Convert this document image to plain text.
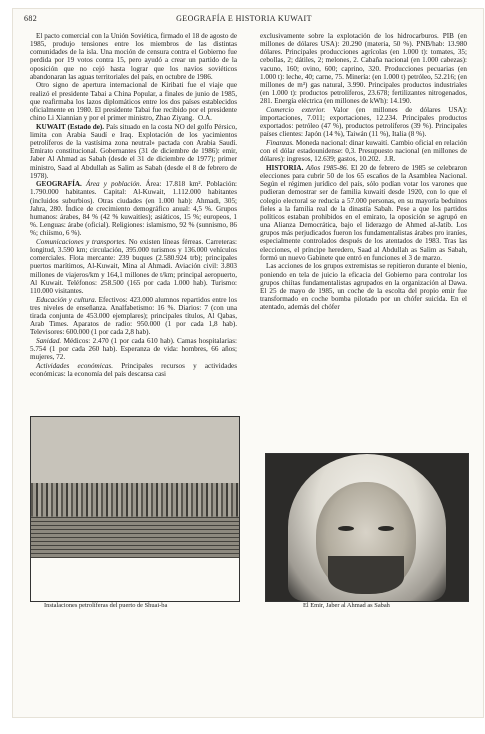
682	GEOGRAFÍA E HISTORIA KUWAIT

El pacto comercial con la Unión Soviética, firmado el 18 de agosto de 1985, produjo tensiones entre los miembros de las distintas comunidades de la isla. Una moción de censura contra el Gobierno fue perdida por 19 votos contra 15, pero ayudó a crear un partido de la oposición que no cejó hasta lograr que los navíos soviéticos abandonaran las aguas territoriales del país, en octubre de 1986.

Otro signo de apertura internacional de Kiribati fue el viaje que realizó el presidente Tabai a China Popular, a finales de junio de 1985, que reafirmaba los lazos diplomáticos entre los dos países establecidos oficialmente en 1980. El presidente Tabai fue recibido por el presidente chino Li Xiannian y por el primer ministro, Zhao Ziyang. O.A.

KUWAIT (Estado de). País situado en la costa NO del golfo Pérsico, limita con Arabia Saudí e Iraq. Explotación de los yacimientos petrolíferos de la vastísima zona neutral» pactada con Arabia Saudí. Emirato constitucional. Gobernantes (31 de diciembre de 1986): emir, Jaber Al Ahmad as Sabah (desde el 31 de diciembre de 1977); primer ministro, Saad al Abdullah as Salim as Sabah (desde el 8 de febrero de 1978).

GEOGRAFÍA. Área y población. Área: 17.818 km². Población: 1.790.000 habitantes. Capital: Al-Kuwait, 1.112.000 habitantes (incluidos suburbios). Otras ciudades (en 1.000 hab): Ahmadi, 305; Jahra, 280. Índice de crecimiento demográfico anual: 4,5 %. Grupos humanos: árabes, 84 % (42 % kuwaitíes); asiáticos, 15 %; europeos, 1 %. Lenguas: árabe (oficial). Religiones: islamismo, 92 % (sunnismo, 86 %; chiísmo, 6 %).

Comunicaciones y transportes. No existen líneas férreas. Carreteras: longitud, 3.590 km; circulación, 395.000 turismos y 136.000 vehículos comerciales. Flota mercante: 239 buques (2.580.924 trb); principales puertos marítimos, Al-Kuwait, Mina al Ahmadi. Aviación civil: 3.803 millones de viajeros/km y 164,1 millones de t/km; principal aeropuerto, Al Kuwait. Teléfonos: 258.500 (165 por cada 1.000 hab). Turismo: 110.000 visitantes.

Educación y cultura. Efectivos: 423.000 alumnos repartidos entre los tres niveles de enseñanza. Analfabetismo: 16 %. Diarios: 7 (con una tirada conjunta de 453.000 ejemplares); principales títulos, Al Qabas, Arab Times. Aparatos de radio: 950.000 (1 por cada 1,8 hab). Televisores: 600.000 (1 por cada 2,8 hab).

Sanidad. Médicos: 2.470 (1 por cada 610 hab). Camas hospitalarias: 5.754 (1 por cada 260 hab). Esperanza de vida: hombres, 66 años; mujeres, 72.

Actividades económicas. Principales recursos y actividades económicas: la economía del país descansa casi

exclusivamente sobre la explotación de los hidrocarburos. PIB (en millones de dólares USA): 20.290 (materia, 50 %). PNB/hab: 13.980 dólares. Principales producciones agrícolas (en 1.000 t): tomates, 35; cebollas, 2; dátiles, 2; melones, 2. Cabaña nacional (en 1.000 cabezas): vacuno, 160; ovino, 600; caprino, 320. Producciones pecuarias (en 1.000 t): leche, 40; carne, 75. Minería: (en 1.000 t) petróleo, 52.216; (en millones de m³) gas natural, 3.990. Principales productos industriales (en 1.000 t): productos petrolíferos, 23.678; fertilizantes nitrogenados, 281. Energía eléctrica (en millones de kWh): 14.190.

Comercio exterior. Valor (en millones de dólares USA): importaciones, 7.011; exportaciones, 12.234. Principales productos exportados: petróleo (47 %), productos petrolíferos (39 %). Principales países clientes: Japón (14 %), Taiwán (11 %), Italia (8 %).

Finanzas. Moneda nacional: dinar kuwaití. Cambio oficial en relación con el dólar estadounidense: 0,3. Presupuesto nacional (en millones de dólares): ingresos, 12.639; gastos, 10.202. J.R.

HISTORIA. Años 1985-86. El 20 de febrero de 1985 se celebraron elecciones para cubrir 50 de los 65 escaños de la Asamblea Nacional. Según el régimen jurídico del país, sólo podían votar los varones que pudieran demostrar ser de familia kuwaití desde 1920, con lo que el colegio electoral se reducía a 57.000 personas, en su mayoría beduinos fieles a la familia real de la dinastía Sabah. Pese a que los partidos políticos estaban prohibidos en el emirato, la oposición se agrupó en una Alianza Democrática, bajo el liderazgo de Ahmed al-Jatib. Los grupos más perjudicados fueron los fundamentalistas árabes pro iraníes, especialmente controlados después de los atentados de 1983. Tras las elecciones, el príncipe heredero, Saad al Abdullah as Salim as Sabah, formó un nuevo Gabinete que entró en funciones el 3 de marzo.

Las acciones de los grupos extremistas se repitieron durante el bienio, poniendo en tela de juicio la eficacia del Gobierno para controlar los grupos chiítas fundamentalistas agrupados en la organización al Dawa. El 25 de mayo de 1985, un coche de la escolta del propio emir fue transformado en coche bomba pilotado por un chófer suicida. En el atentado, además del chófer

Instalaciones petrolíferas del puerto de Shuai-ba	El Emir, Jaber al Ahmad as Sabah
